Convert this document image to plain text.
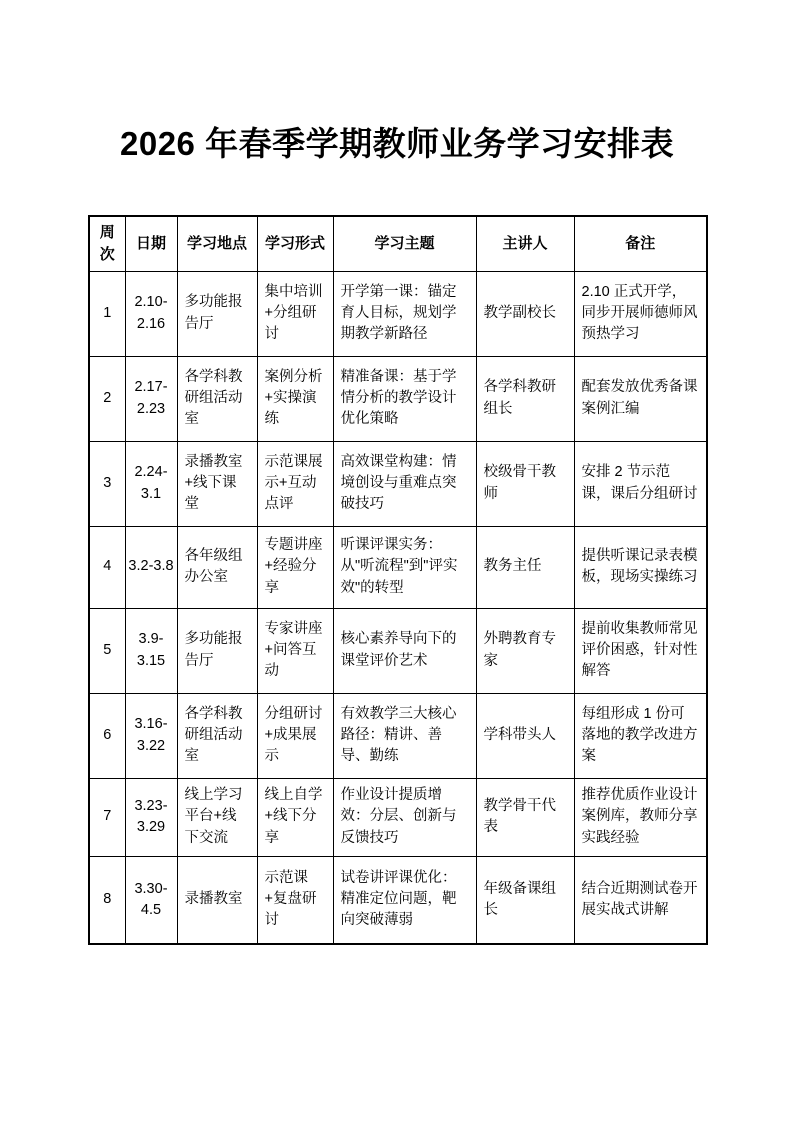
2026 年春季学期教师业务学习安排表
周次	日期	学习地点	学习形式	学习主题	主讲人	备注
1	2.10-2.16	多功能报告厅	集中培训+分组研讨	开学第一课：锚定育人目标，规划学期教学新路径	教学副校长	2.10 正式开学，同步开展师德师风预热学习
2	2.17-2.23	各学科教研组活动室	案例分析+实操演练	精准备课：基于学情分析的教学设计优化策略	各学科教研组长	配套发放优秀备课案例汇编
3	2.24-3.1	录播教室+线下课堂	示范课展示+互动点评	高效课堂构建：情境创设与重难点突破技巧	校级骨干教师	安排 2 节示范课，课后分组研讨
4	3.2-3.8	各年级组办公室	专题讲座+经验分享	听课评课实务：从"听流程"到"评实效"的转型	教务主任	提供听课记录表模板，现场实操练习
5	3.9-3.15	多功能报告厅	专家讲座+问答互动	核心素养导向下的课堂评价艺术	外聘教育专家	提前收集教师常见评价困惑，针对性解答
6	3.16-3.22	各学科教研组活动室	分组研讨+成果展示	有效教学三大核心路径：精讲、善导、勤练	学科带头人	每组形成 1 份可落地的教学改进方案
7	3.23-3.29	线上学习平台+线下交流	线上自学+线下分享	作业设计提质增效：分层、创新与反馈技巧	教学骨干代表	推荐优质作业设计案例库，教师分享实践经验
8	3.30-4.5	录播教室	示范课+复盘研讨	试卷讲评课优化：精准定位问题，靶向突破薄弱	年级备课组长	结合近期测试卷开展实战式讲解
